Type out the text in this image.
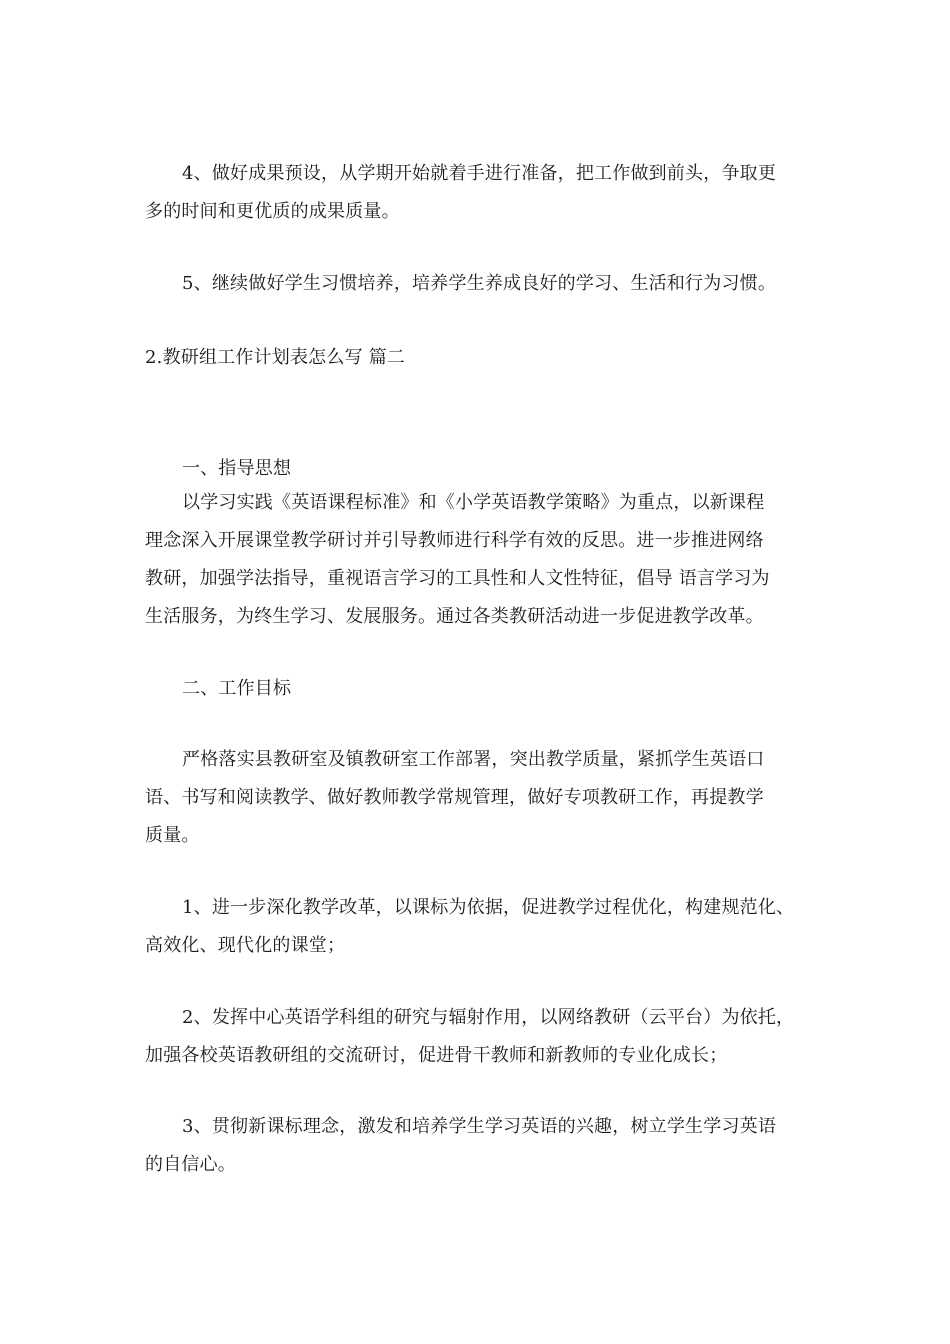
4、做好成果预设，从学期开始就着手进行准备，把工作做到前头，争取更

多的时间和更优质的成果质量。

5、继续做好学生习惯培养，培养学生养成良好的学习、生活和行为习惯。

2.教研组工作计划表怎么写 篇二

一、指导思想

以学习实践《英语课程标准》和《小学英语教学策略》为重点，以新课程

理念深入开展课堂教学研讨并引导教师进行科学有效的反思。进一步推进网络

教研，加强学法指导，重视语言学习的工具性和人文性特征，倡导 语言学习为

生活服务，为终生学习、发展服务。通过各类教研活动进一步促进教学改革。

二、工作目标

严格落实县教研室及镇教研室工作部署，突出教学质量，紧抓学生英语口

语、书写和阅读教学、做好教师教学常规管理，做好专项教研工作，再提教学

质量。

1、进一步深化教学改革，以课标为依据，促进教学过程优化，构建规范化、

高效化、现代化的课堂；

2、发挥中心英语学科组的研究与辐射作用，以网络教研（云平台）为依托，

加强各校英语教研组的交流研讨，促进骨干教师和新教师的专业化成长；

3、贯彻新课标理念，激发和培养学生学习英语的兴趣，树立学生学习英语

的自信心。
